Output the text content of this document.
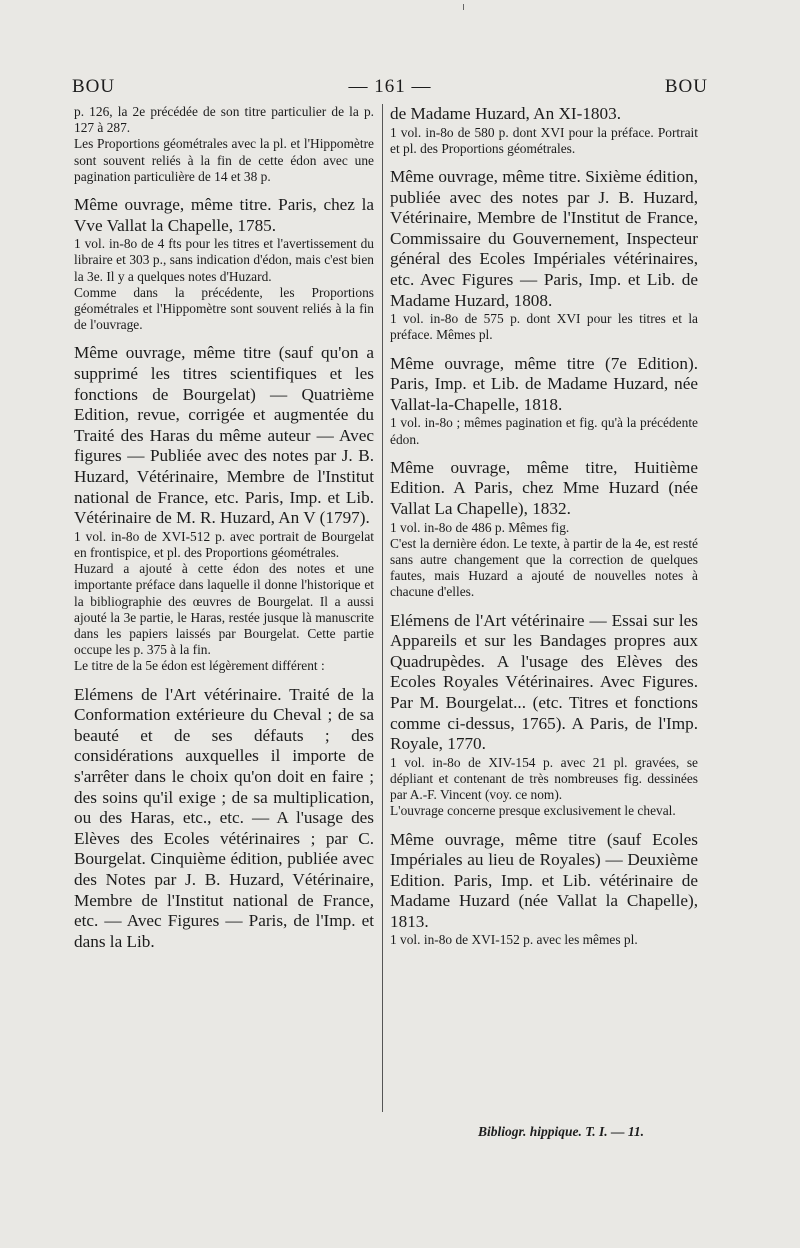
BOU	— 161 —	BOU

p. 126, la 2e précédée de son titre particulier de la p. 127 à 287.

Les Proportions géométrales avec la pl. et l'Hippomètre sont souvent reliés à la fin de cette édon avec une pagination particulière de 14 et 38 p.

Même ouvrage, même titre. Paris, chez la Vve Vallat la Chapelle, 1785.

1 vol. in-8o de 4 fts pour les titres et l'avertissement du libraire et 303 p., sans indication d'édon, mais c'est bien la 3e. Il y a quelques notes d'Huzard.

Comme dans la précédente, les Proportions géométrales et l'Hippomètre sont souvent reliés à la fin de l'ouvrage.

Même ouvrage, même titre (sauf qu'on a supprimé les titres scientifiques et les fonctions de Bourgelat) — Quatrième Edition, revue, corrigée et augmentée du Traité des Haras du même auteur — Avec figures — Publiée avec des notes par J. B. Huzard, Vétérinaire, Membre de l'Institut national de France, etc. Paris, Imp. et Lib. Vétérinaire de M. R. Huzard, An V (1797).

1 vol. in-8o de XVI-512 p. avec portrait de Bourgelat en frontispice, et pl. des Proportions géométrales.

Huzard a ajouté à cette édon des notes et une importante préface dans laquelle il donne l'historique et la bibliographie des œuvres de Bourgelat. Il a aussi ajouté la 3e partie, le Haras, restée jusque là manuscrite dans les papiers laissés par Bourgelat. Cette partie occupe les p. 375 à la fin.

Le titre de la 5e édon est légèrement différent :

Elémens de l'Art vétérinaire. Traité de la Conformation extérieure du Cheval ; de sa beauté et de ses défauts ; des considérations auxquelles il importe de s'arrêter dans le choix qu'on doit en faire ; des soins qu'il exige ; de sa multiplication, ou des Haras, etc., etc. — A l'usage des Elèves des Ecoles vétérinaires ; par C. Bourgelat. Cinquième édition, publiée avec des Notes par J. B. Huzard, Vétérinaire, Membre de l'Institut national de France, etc. — Avec Figures — Paris, de l'Imp. et dans la Lib.

de Madame Huzard, An XI-1803.

1 vol. in-8o de 580 p. dont XVI pour la préface. Portrait et pl. des Proportions géométrales.

Même ouvrage, même titre. Sixième édition, publiée avec des notes par J. B. Huzard, Vétérinaire, Membre de l'Institut de France, Commissaire du Gouvernement, Inspecteur général des Ecoles Impériales vétérinaires, etc. Avec Figures — Paris, Imp. et Lib. de Madame Huzard, 1808.

1 vol. in-8o de 575 p. dont XVI pour les titres et la préface. Mêmes pl.

Même ouvrage, même titre (7e Edition). Paris, Imp. et Lib. de Madame Huzard, née Vallat-la-Chapelle, 1818.

1 vol. in-8o ; mêmes pagination et fig. qu'à la précédente édon.

Même ouvrage, même titre, Huitième Edition. A Paris, chez Mme Huzard (née Vallat La Chapelle), 1832.

1 vol. in-8o de 486 p. Mêmes fig.

C'est la dernière édon. Le texte, à partir de la 4e, est resté sans autre changement que la correction de quelques fautes, mais Huzard a ajouté de nouvelles notes à chacune d'elles.

Elémens de l'Art vétérinaire — Essai sur les Appareils et sur les Bandages propres aux Quadrupèdes. A l'usage des Elèves des Ecoles Royales Vétérinaires. Avec Figures. Par M. Bourgelat... (etc. Titres et fonctions comme ci-dessus, 1765). A Paris, de l'Imp. Royale, 1770.

1 vol. in-8o de XIV-154 p. avec 21 pl. gravées, se dépliant et contenant de très nombreuses fig. dessinées par A.-F. Vincent (voy. ce nom).

L'ouvrage concerne presque exclusivement le cheval.

Même ouvrage, même titre (sauf Ecoles Impériales au lieu de Royales) — Deuxième Edition. Paris, Imp. et Lib. vétérinaire de Madame Huzard (née Vallat la Chapelle), 1813.

1 vol. in-8o de XVI-152 p. avec les mêmes pl.

Bibliogr. hippique. T. I. — 11.
